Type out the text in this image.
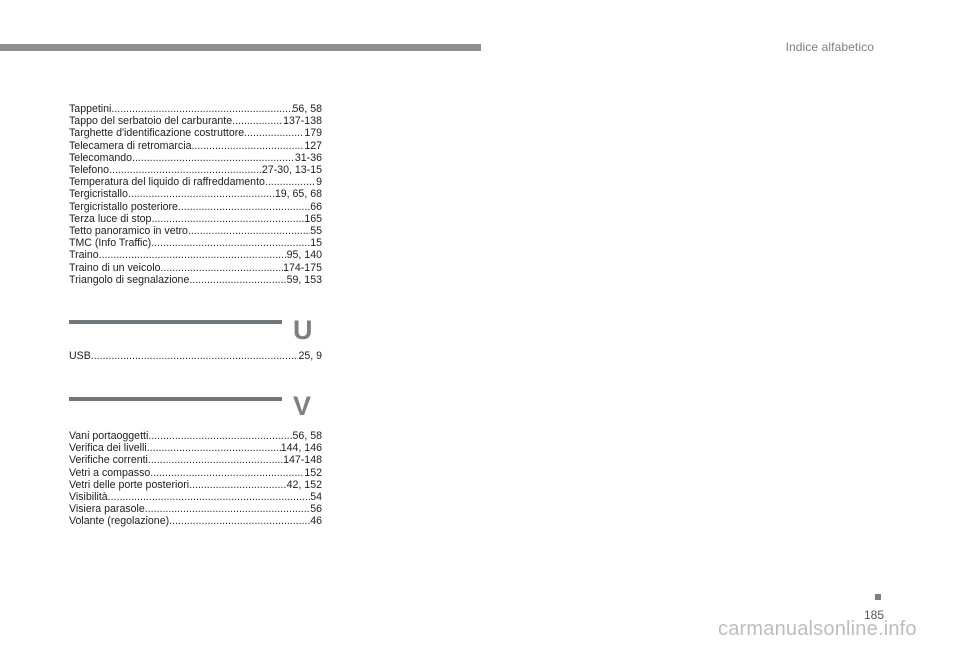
Indice alfabetico
Tappetini .....	56, 58
Tappo del serbatoio del carburante .....	137-138
Targhette d'identificazione costruttore .....	179
Telecamera di retromarcia .....	127
Telecomando .....	31-36
Telefono .....	27-30, 13-15
Temperatura del liquido di raffreddamento .....	9
Tergicristallo .....	19, 65, 68
Tergicristallo posteriore .....	66
Terza luce di stop .....	165
Tetto panoramico in vetro .....	55
TMC (Info Traffic) .....	15
Traino .....	95, 140
Traino di un veicolo .....	174-175
Triangolo di segnalazione .....	59, 153
U
USB .....	25, 9
V
Vani portaoggetti .....	56, 58
Verifica dei livelli .....	144, 146
Verifiche correnti .....	147-148
Vetri a compasso .....	152
Vetri delle porte posteriori .....	42, 152
Visibilità .....	54
Visiera parasole .....	56
Volante (regolazione) .....	46
185
carmanualsonline.info
